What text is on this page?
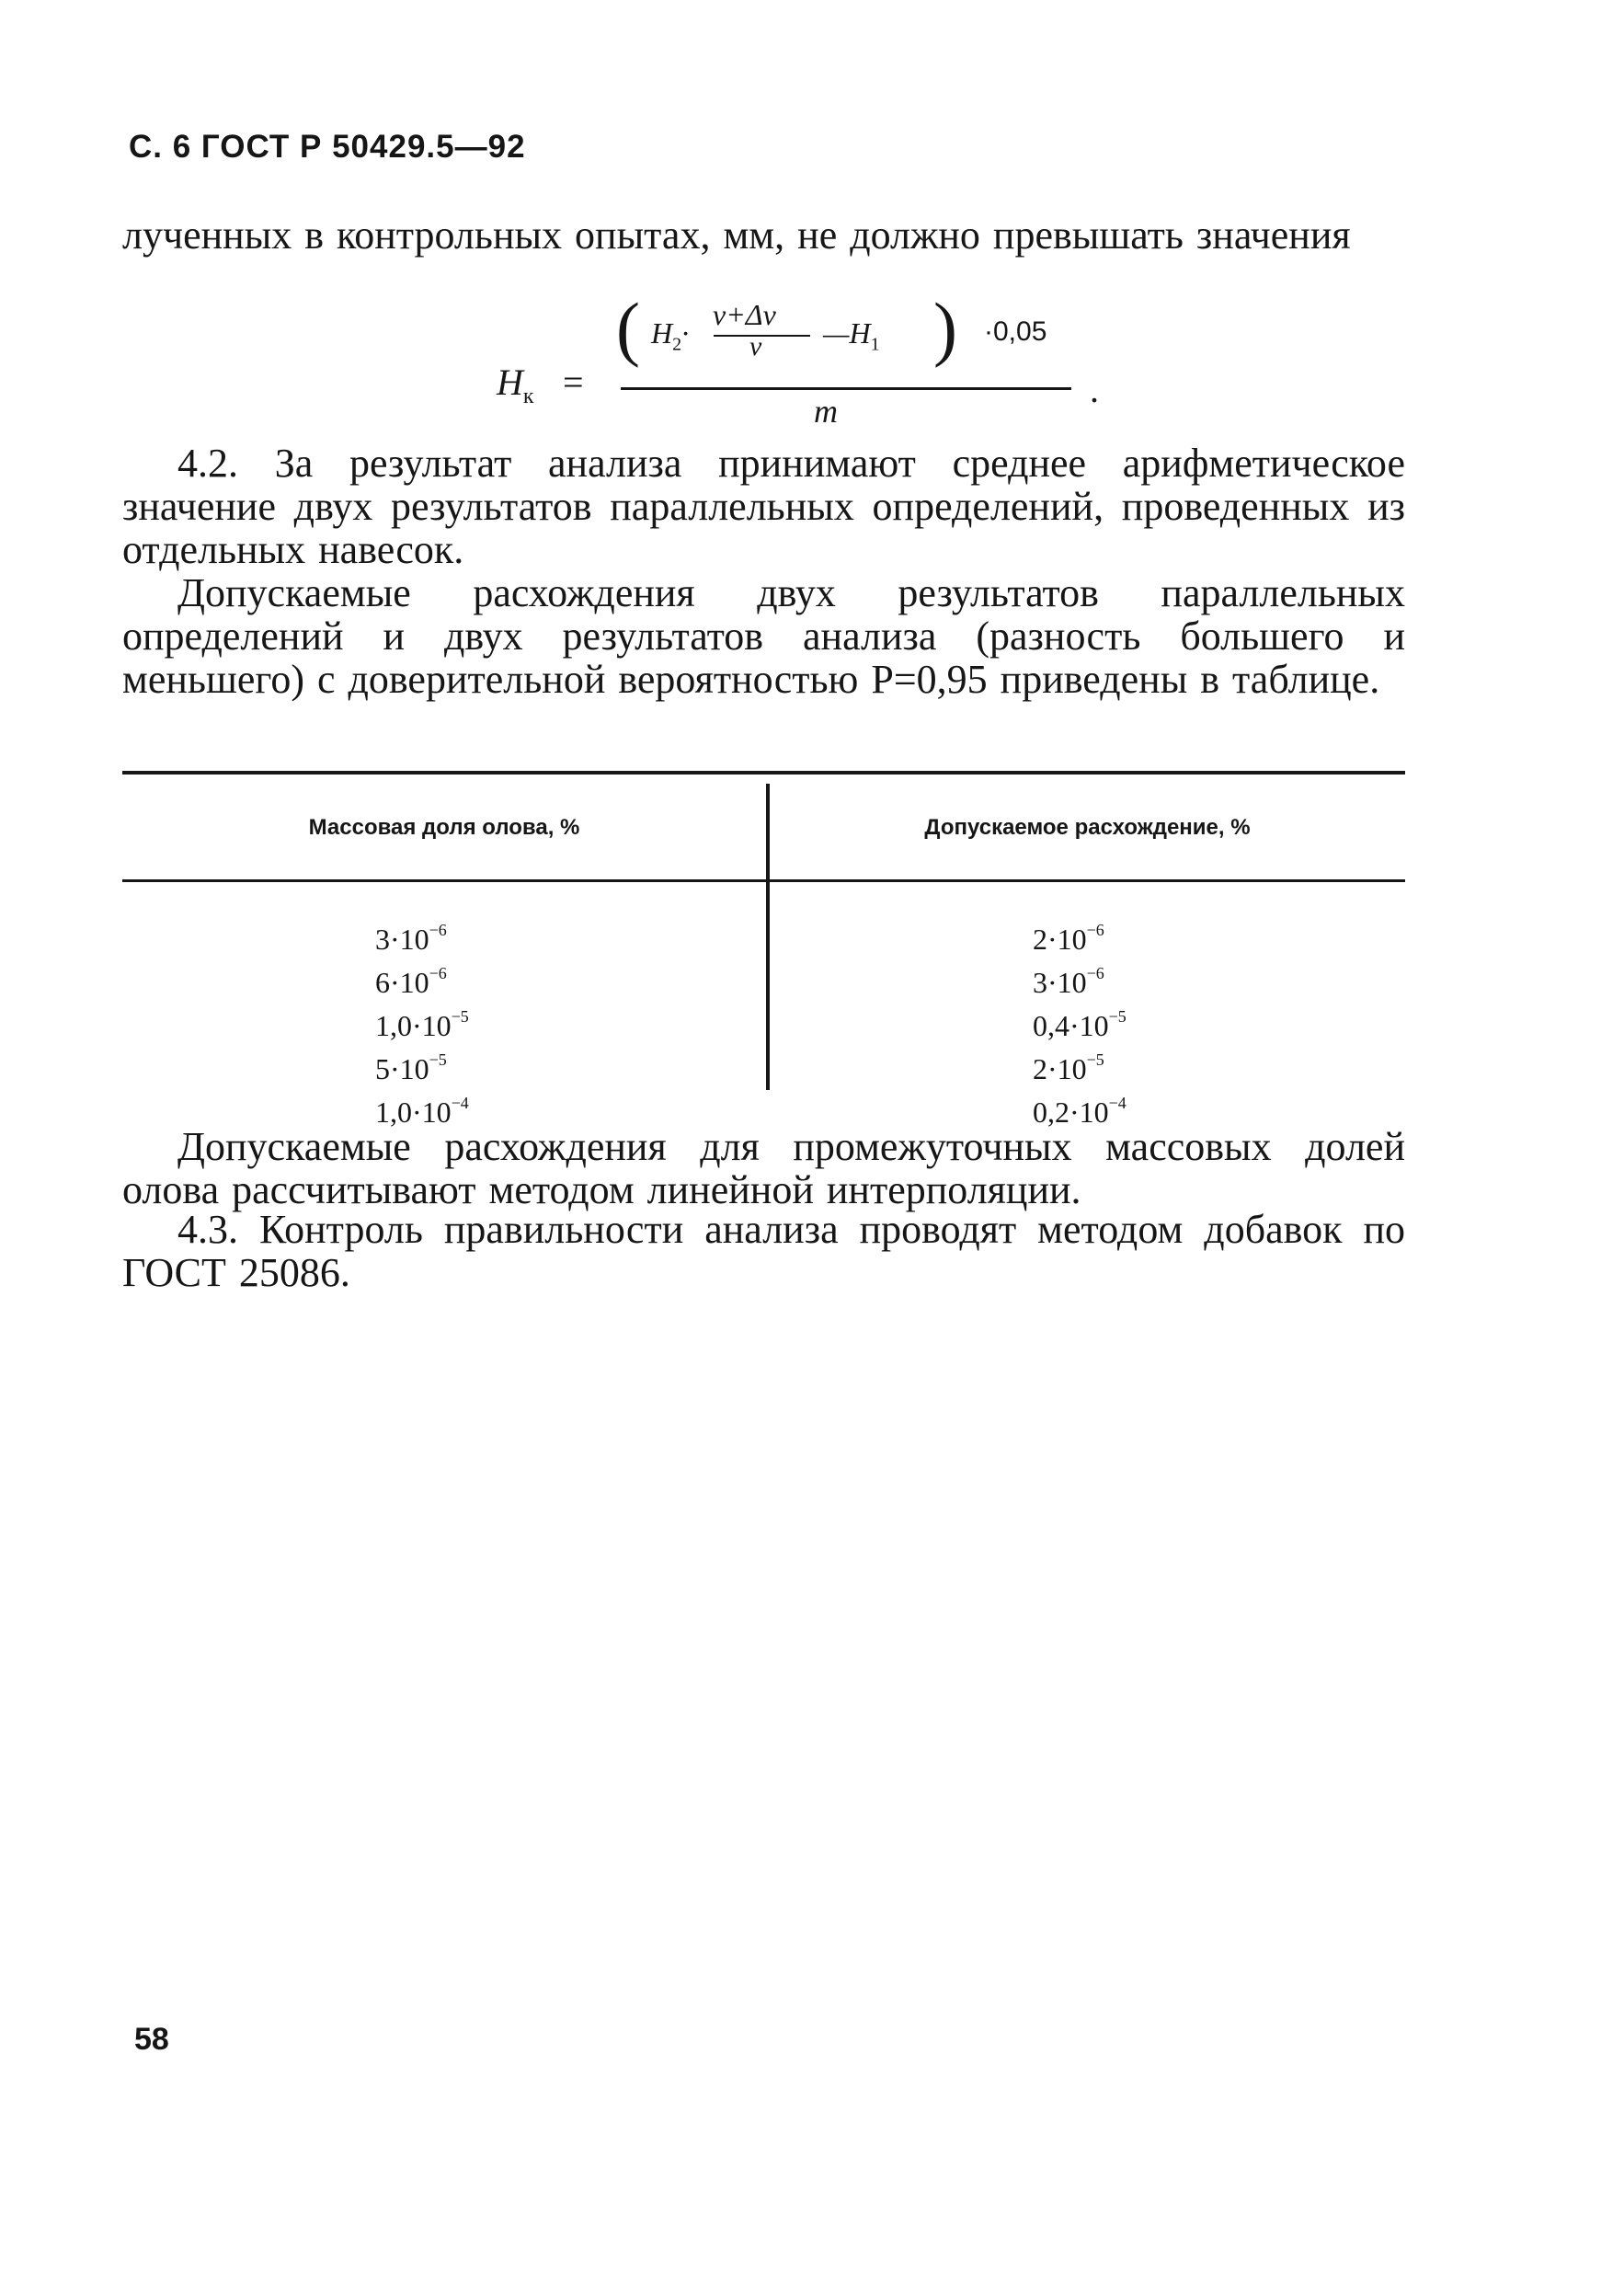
С. 6 ГОСТ Р 50429.5—92
лученных в контрольных опытах, мм, не должно превышать значения
$H_к$ =
( $H_2\cdot$
v+Δv
v $—H_1$ ) ·0,05
m
.
4.2. За результат анализа принимают среднее арифметическое значение двух результатов параллельных определений, проведенных из отдельных навесок.
Допускаемые расхождения двух результатов параллельных определений и двух результатов анализа (разность большего и меньшего) с доверительной вероятностью P=0,95 приведены в таблице.
Массовая доля олова, %	Допускаемое расхождение, %
$3\cdot 10^{-6}$
$6\cdot 10^{-6}$
$1,0\cdot 10^{-5}$
$5\cdot 10^{-5}$
$1,0\cdot 10^{-4}$
$2\cdot 10^{-6}$
$3\cdot 10^{-6}$
$0,4\cdot 10^{-5}$
$2\cdot 10^{-5}$
$0,2\cdot 10^{-4}$
Допускаемые расхождения для промежуточных массовых долей олова рассчитывают методом линейной интерполяции.
4.3. Контроль правильности анализа проводят методом добавок по ГОСТ 25086.
58
